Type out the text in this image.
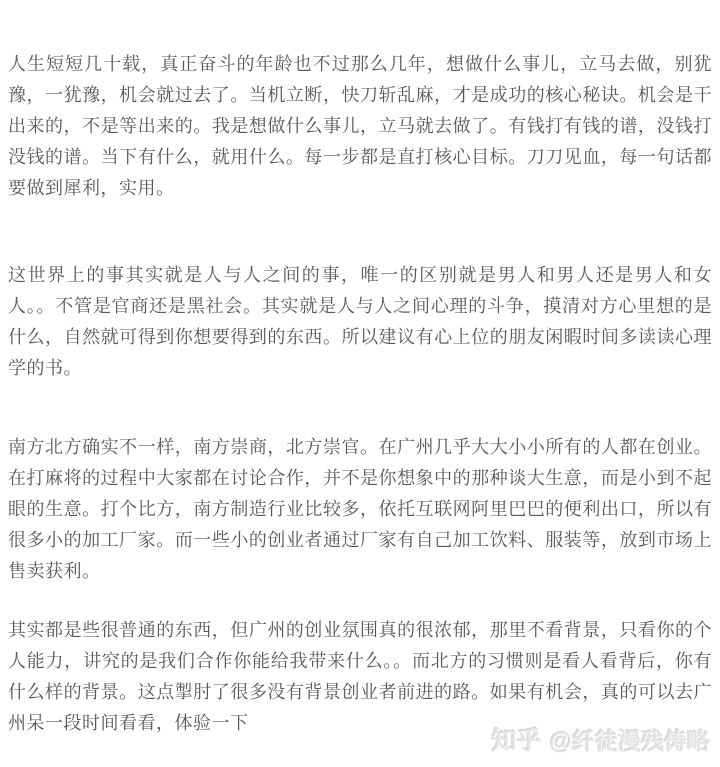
人生短短几十载，真正奋斗的年龄也不过那么几年，想做什么事儿，立马去做，别犹豫，一犹豫，机会就过去了。当机立断，快刀斩乱麻，才是成功的核心秘诀。机会是干出来的，不是等出来的。我是想做什么事儿，立马就去做了。有钱打有钱的谱，没钱打没钱的谱。当下有什么，就用什么。每一步都是直打核心目标。刀刀见血，每一句话都要做到犀利，实用。

这世界上的事其实就是人与人之间的事，唯一的区别就是男人和男人还是男人和女人。。不管是官商还是黑社会。其实就是人与人之间心理的斗争，摸清对方心里想的是什么，自然就可得到你想要得到的东西。所以建议有心上位的朋友闲暇时间多读读心理学的书。

南方北方确实不一样，南方崇商，北方崇官。在广州几乎大大小小所有的人都在创业。在打麻将的过程中大家都在讨论合作，并不是你想象中的那种谈大生意，而是小到不起眼的生意。打个比方，南方制造行业比较多，依托互联网阿里巴巴的便利出口，所以有很多小的加工厂家。而一些小的创业者通过厂家有自己加工饮料、服装等，放到市场上售卖获利。

其实都是些很普通的东西，但广州的创业氛围真的很浓郁，那里不看背景，只看你的个人能力，讲究的是我们合作你能给我带来什么。。而北方的习惯则是看人看背后，你有什么样的背景。这点掣肘了很多没有背景创业者前进的路。如果有机会，真的可以去广州呆一段时间看看，体验一下

知乎 @纤徒漫残俦略
